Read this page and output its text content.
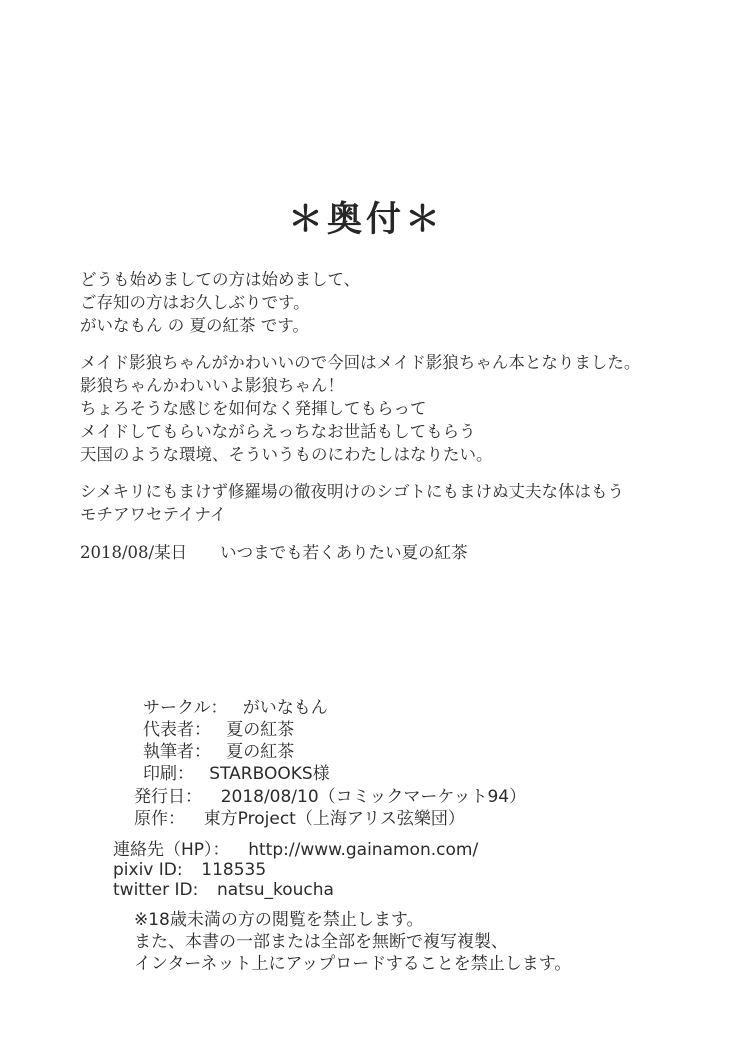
＊奥付＊
どうも始めましての方は始めまして、
ご存知の方はお久しぶりです。
がいなもん の 夏の紅茶 です。
メイド影狼ちゃんがかわいいので今回はメイド影狼ちゃん本となりました。
影狼ちゃんかわいいよ影狼ちゃん！
ちょろそうな感じを如何なく発揮してもらって
メイドしてもらいながらえっちなお世話もしてもらう
天国のような環境、そういうものにわたしはなりたい。
シメキリにもまけず修羅場の徹夜明けのシゴトにもまけぬ丈夫な体はもう
モチアワセテイナイ
2018/08/某日　　いつまでも若くありたい夏の紅茶
サークル： がいなもん
代表者： 夏の紅茶
執筆者： 夏の紅茶
印刷： STARBOOKS様
発行日： 2018/08/10（コミックマーケット94）
原作： 東方Project（上海アリス弦樂団）
連絡先（HP）： http://www.gainamon.com/
pixiv ID: 118535
twitter ID: natsu_koucha
※18歳未満の方の閲覧を禁止します。
また、本書の一部または全部を無断で複写複製、
インターネット上にアップロードすることを禁止します。
